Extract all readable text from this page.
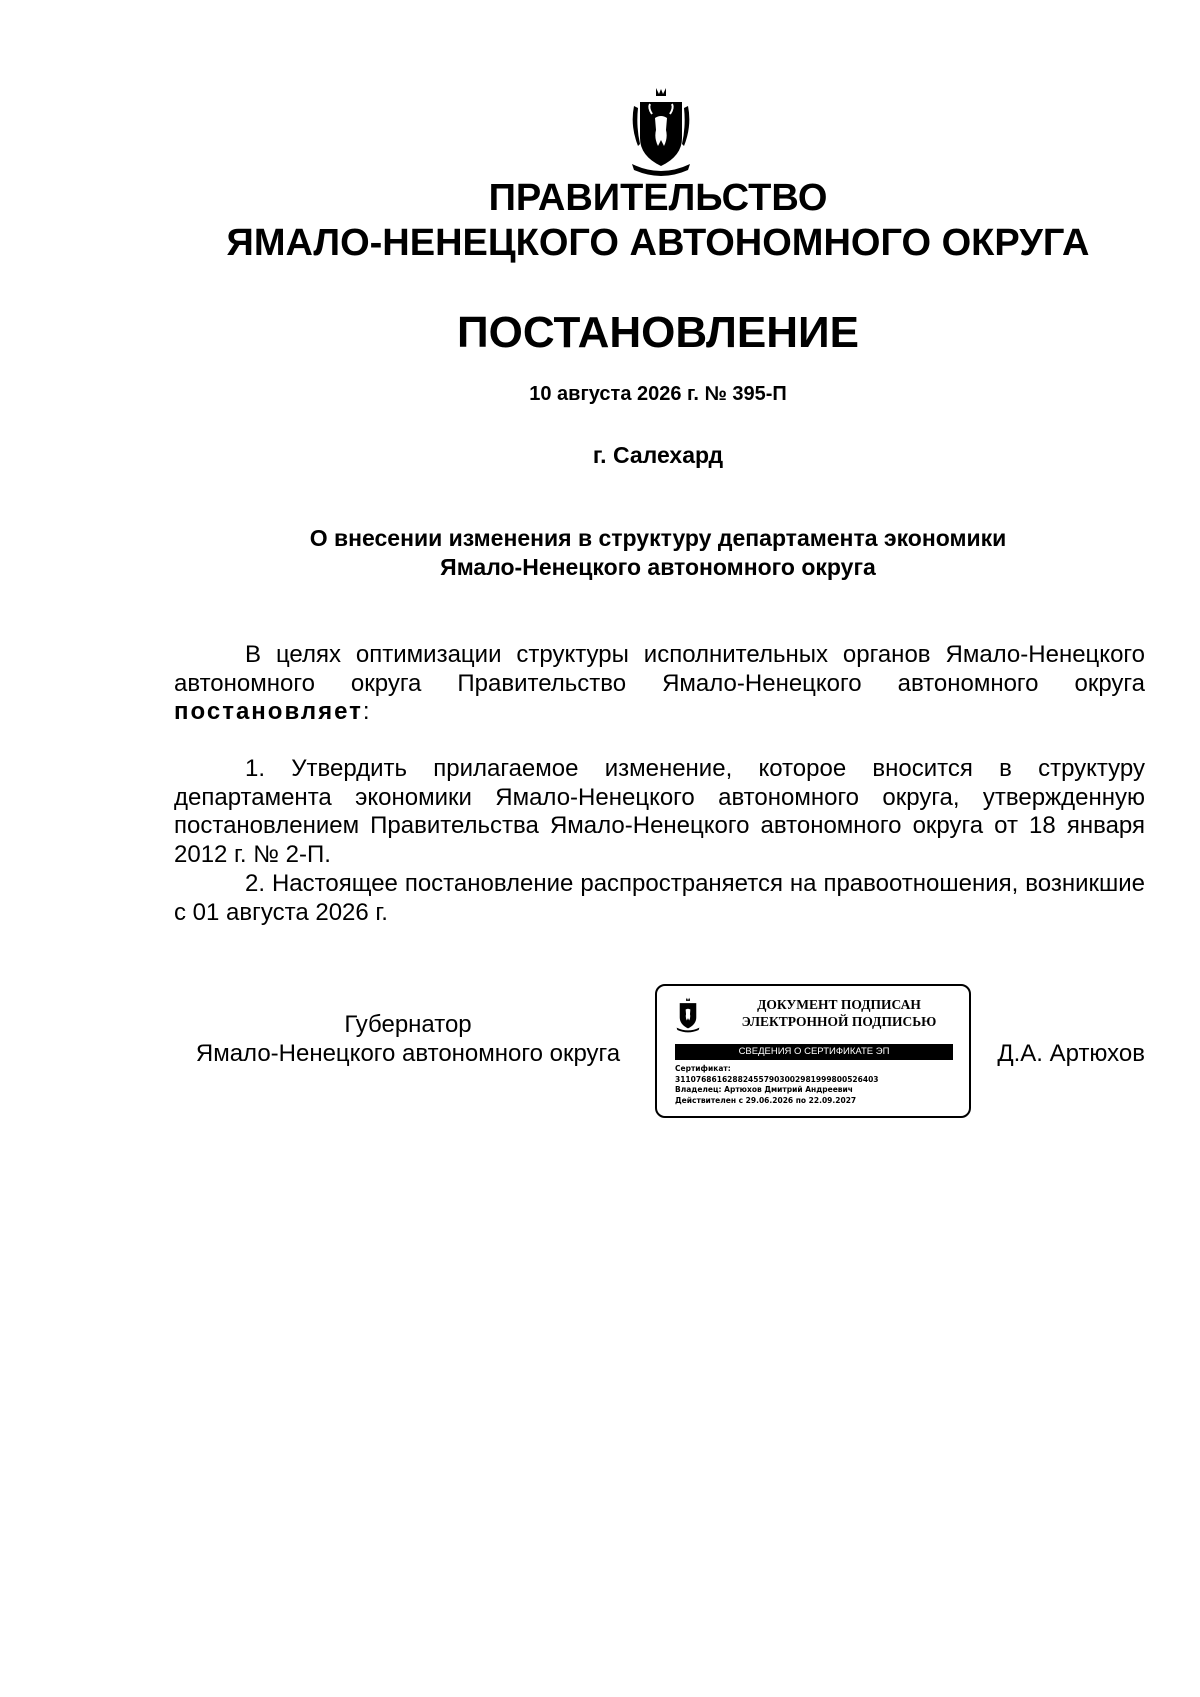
ПРАВИТЕЛЬСТВО
ЯМАЛО-НЕНЕЦКОГО АВТОНОМНОГО ОКРУГА
ПОСТАНОВЛЕНИЕ
10 августа 2026 г. № 395-П
г. Салехард
О внесении изменения в структуру департамента экономики
Ямало-Ненецкого автономного округа

В целях оптимизации структуры исполнительных органов Ямало-Ненецкого автономного округа Правительство Ямало-Ненецкого автономного округа постановляет:

1. Утвердить прилагаемое изменение, которое вносится в структуру департамента экономики Ямало-Ненецкого автономного округа, утвержденную постановлением Правительства Ямало-Ненецкого автономного округа от 18 января 2012 г. № 2-П.

2. Настоящее постановление распространяется на правоотношения, возникшие с 01 августа 2026 г.

Губернатор
Ямало-Ненецкого автономного округа
ДОКУМЕНТ ПОДПИСАН
ЭЛЕКТРОННОЙ ПОДПИСЬЮ
СВЕДЕНИЯ О СЕРТИФИКАТЕ ЭП
Сертификат:
311076861628824557903002981999800526403
Владелец: Артюхов Дмитрий Андреевич
Действителен с 29.06.2026 по 22.09.2027
Д.А. Артюхов
